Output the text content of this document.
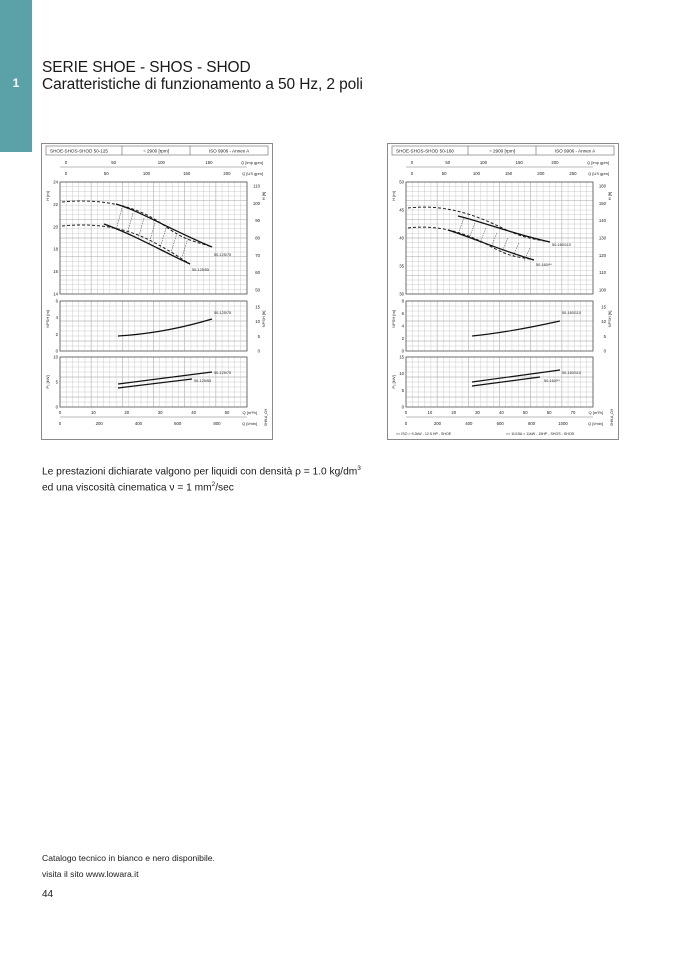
1
SERIE SHOE - SHOS - SHOD
Caratteristiche di funzionamento a 50 Hz, 2 poli
SHOE-SHOS-SHOD 50-125	~ 2900 [rpm]	ISO 9906 - Annex A
0	50	100	150	Q [Imp gpm]
0	50	100	150	200	Q [US gpm]
24
22
20
18
16
14
H [m]
110
100
90
80
70
60
50
H [ft]
50-125/75
50-125/55
6
4
2
0
NPSH [m]
15
10
5
0
NPSH [ft]
50-125/75
10
5
0
P₂ [kW]
50-125/75
50-125/55
0	10	20	30	40	50	Q [m³/h]
0	200	400	600	800	Q [l/min] SHH-A_CH
SHOE-SHOS-SHOD 50-160	~ 2900 [rpm]	ISO 9906 - Annex A
0	50	100	150	200	Q [Imp gpm]
0	50	100	150	200	250	Q [US gpm]
50
45
40
35
30
H [m]
160
150
140
130
120
110
100
H [ft]
50-160/110
50-160/**
8
6
4
2
0
NPSH [m]
15
10
5
0
NPSH [ft]
50-160/110
15
10
5
0
P₂ [kW]
50-160/110
50-160/**
0	10	20	30	40	50	60	70	Q [m³/h]
0	200	400	600	800	1000	Q [l/min] SHH-A_CH
<< ISO > 9.2kW - 12.5 HP - SHOE	>> 11/15A > 11kW - 15HP - SHOS - SHOD
Le prestazioni dichiarate valgono per liquidi con densità ρ = 1.0 $kg/dm^3$
ed una viscosità cinematica ν = 1 $mm^2/\sec$
Catalogo tecnico in bianco e nero disponibile.
visita il sito www.lowara.it
44
